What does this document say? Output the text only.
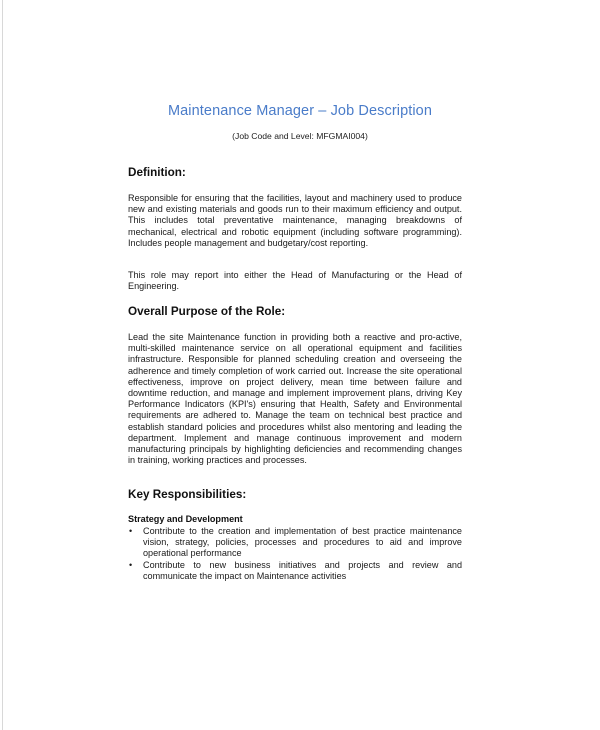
Maintenance Manager – Job Description
(Job Code and Level: MFGMAI004)
Definition:

Responsible for ensuring that the facilities, layout and machinery used to produce new and existing materials and goods run to their maximum efficiency and output. This includes total preventative maintenance, managing breakdowns of mechanical, electrical and robotic equipment (including software programming). Includes people management and budgetary/cost reporting.

This role may report into either the Head of Manufacturing or the Head of Engineering.

Overall Purpose of the Role:

Lead the site Maintenance function in providing both a reactive and pro-active, multi-skilled maintenance service on all operational equipment and facilities infrastructure. Responsible for planned scheduling creation and overseeing the adherence and timely completion of work carried out. Increase the site operational effectiveness, improve on project delivery, mean time between failure and downtime reduction, and manage and implement improvement plans, driving Key Performance Indicators (KPI's) ensuring that Health, Safety and Environmental requirements are adhered to. Manage the team on technical best practice and establish standard policies and procedures whilst also mentoring and leading the department. Implement and manage continuous improvement and modern manufacturing principals by highlighting deficiencies and recommending changes in training, working practices and processes.

Key Responsibilities:
Strategy and Development
• Contribute to the creation and implementation of best practice maintenance vision, strategy, policies, processes and procedures to aid and improve operational performance
• Contribute to new business initiatives and projects and review and communicate the impact on Maintenance activities
